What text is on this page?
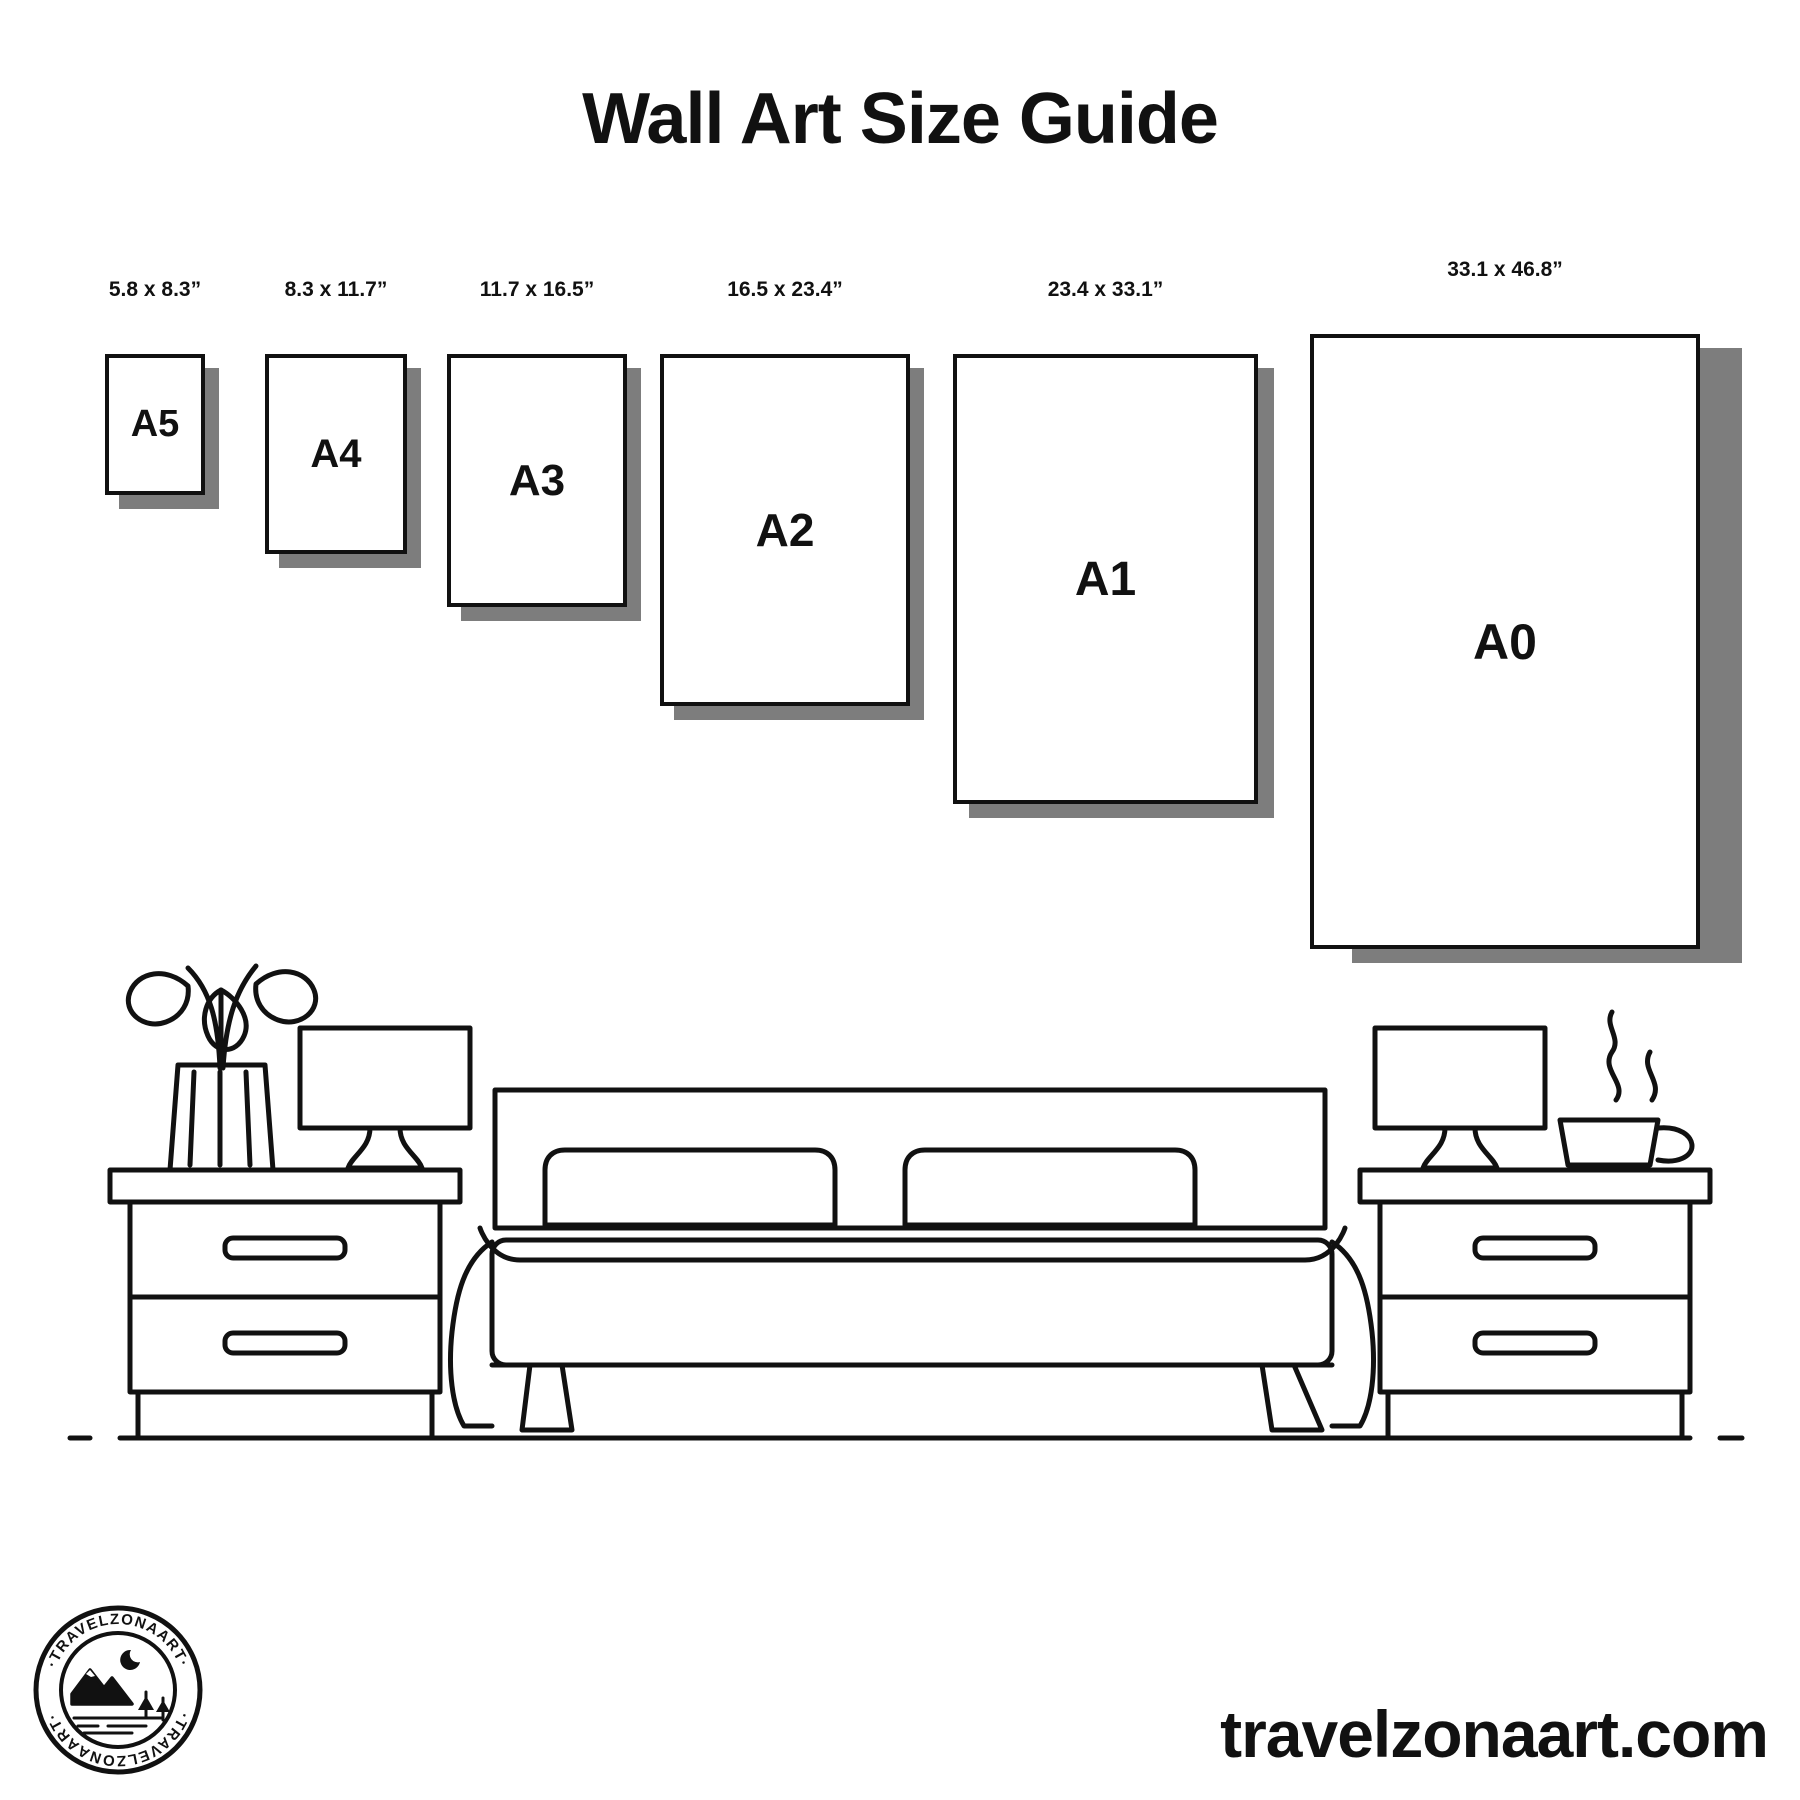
Wall Art Size Guide
5.8 x 8.3”
A5
8.3 x 11.7”
A4
11.7 x 16.5”
A3
16.5 x 23.4”
A2
23.4 x 33.1”
A1
33.1 x 46.8”
A0
·TRAVELZONAART·
·TRAVELZONAART·	travelzonaart.com
